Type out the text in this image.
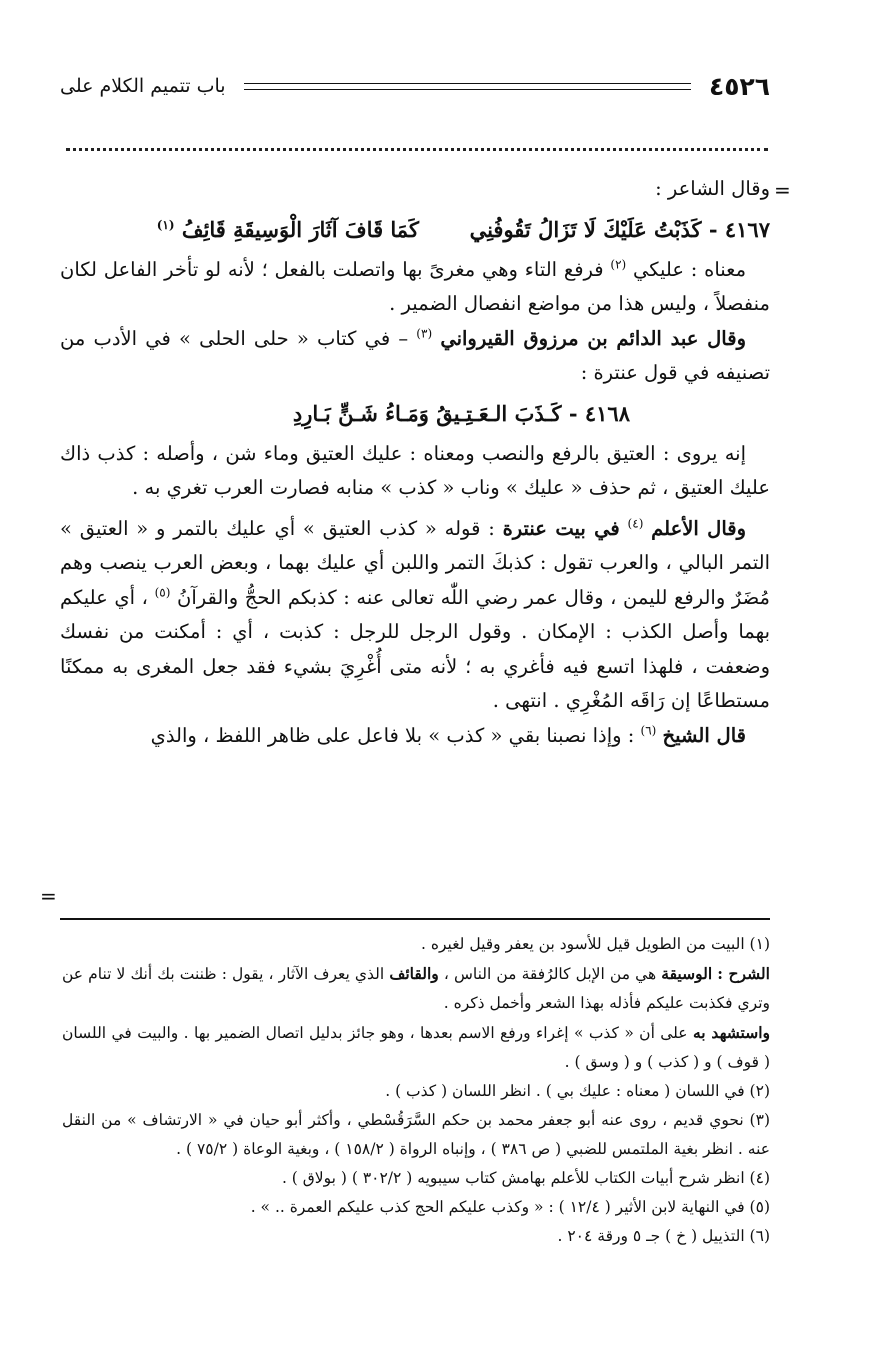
٤٥٢٦
باب تتميم الكلام على
=
=

وقال الشاعر :

٤١٦٧ - كَذَبْتُ عَلَيْكَ لَا تَزَالُ تَقُوفُنِي  كَمَا قَافَ آثَارَ الْوَسِيقَةِ قَائِفُ $^{(١)}$

معناه : عليكي $^{(٢)}$ فرفع التاء وهي مغرىً بها واتصلت بالفعل ؛ لأنه لو تأخر الفاعل لكان منفصلاً ، وليس هذا من مواضع انفصال الضمير .

وقال عبد الدائم بن مرزوق القيرواني $^{(٣)}$ – في كتاب « حلى الحلى » في الأدب من تصنيفه في قول عنترة :

٤١٦٨ - كَـذَبَ الـعَـتِـيقُ وَمَـاءُ شَـنٍّ بَـارِدِ

إنه يروى : العتيق بالرفع والنصب ومعناه : عليك العتيق وماء شن ، وأصله : كذب ذاك عليك العتيق ، ثم حذف « عليك » وناب « كذب » منابه فصارت العرب تغري به .

وقال الأعلم $^{(٤)}$ في بيت عنترة : قوله « كذب العتيق » أي عليك بالتمر و « العتيق » التمر البالي ، والعرب تقول : كذبكَ التمر واللبن أي عليك بهما ، وبعض العرب ينصب وهم مُضَرٌ والرفع لليمن ، وقال عمر رضي اللّٰه تعالى عنه : كذبكم الحجُّ والقرآنُ $^{(٥)}$ ، أي عليكم بهما وأصل الكذب : الإمكان . وقول الرجل للرجل : كذبت ، أي : أمكنت من نفسك وضعفت ، فلهذا اتسع فيه فأغري به ؛ لأنه متى أُغْرِيَ بشيء فقد جعل المغرى به ممكنًا مستطاعًا إن رَاقَه المُغْرِي . انتهى .

قال الشيخ $^{(٦)}$ : وإذا نصبنا بقي « كذب » بلا فاعل على ظاهر اللفظ ، والذي

(١) البيت من الطويل قيل للأسود بن يعفر وقيل لغيره .

الشرح : الوسيقة هي من الإبل كالرُفقة من الناس ، والقائف الذي يعرف الآثار ، يقول : ظننت بك أنك لا تنام عن وتري فكذبت عليكم فأذله بهذا الشعر وأخمل ذكره .

واستشهد به على أن « كذب » إغراء ورفع الاسم بعدها ، وهو جائز بدليل اتصال الضمير بها . والبيت في اللسان ( قوف ) و ( كذب ) و ( وسق ) .

(٢) في اللسان ( معناه : عليك بي ) . انظر اللسان ( كذب ) .

(٣) نحوي قديم ، روى عنه أبو جعفر محمد بن حكم السَّرَقُسْطي ، وأكثر أبو حيان في « الارتشاف » من النقل عنه . انظر بغية الملتمس للضبي ( ص ٣٨٦ ) ، وإنباه الرواة ( ١٥٨/٢ ) ، وبغية الوعاة ( ٧٥/٢ ) .

(٤) انظر شرح أبيات الكتاب للأعلم بهامش كتاب سيبويه ( ٣٠٢/٢ ) ( بولاق ) .

(٥) في النهاية لابن الأثير ( ١٢/٤ ) : « وكذب عليكم الحج كذب عليكم العمرة .. » .

(٦) التذييل ( خ ) جـ ٥ ورقة ٢٠٤ .
